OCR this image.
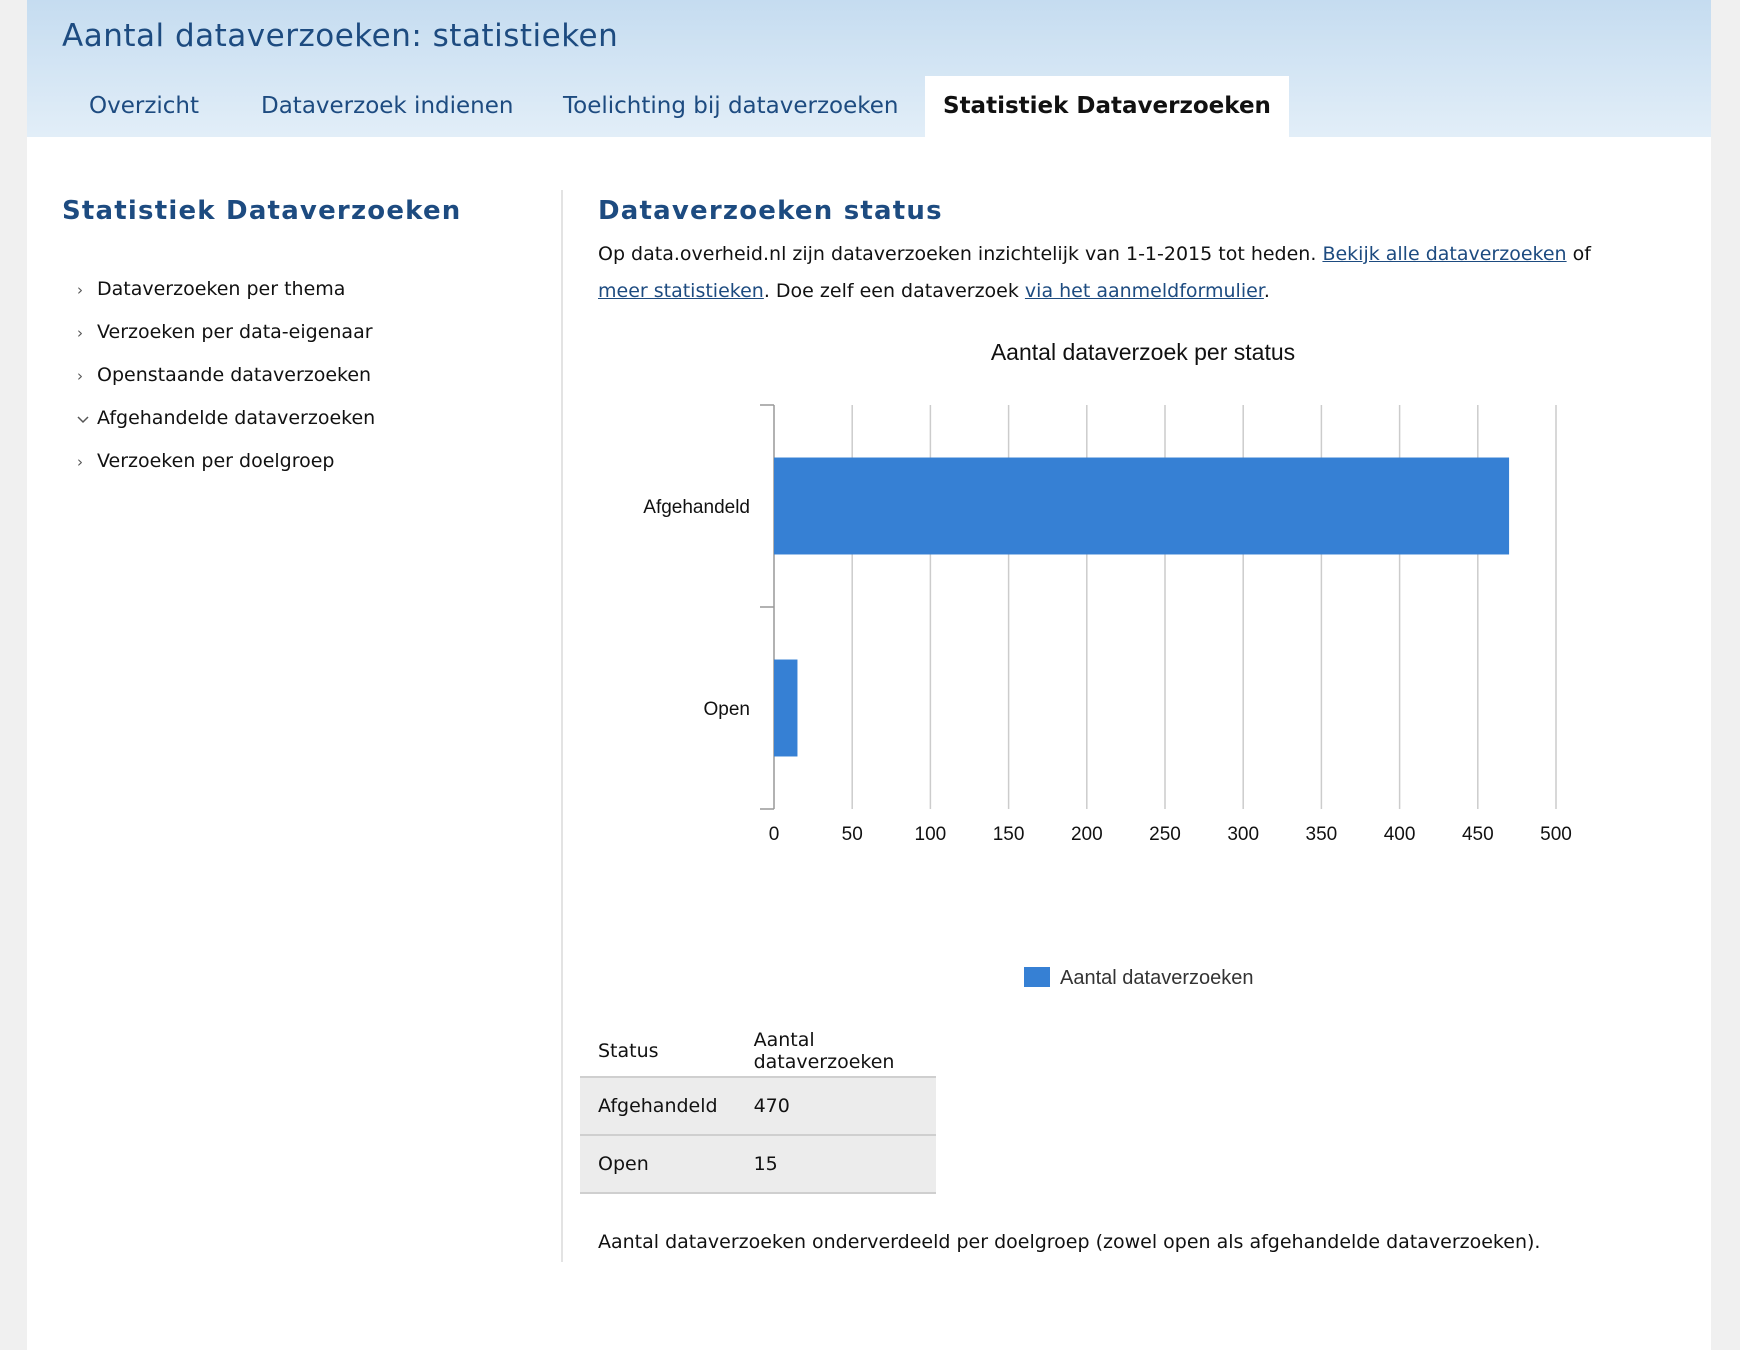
Aantal dataverzoeken: statistieken
Overzicht	Dataverzoek indienen Toelichting bij dataverzoeken	Statistiek Dataverzoeken
Statistiek Dataverzoeken
› Dataverzoeken per thema
› Verzoeken per data-eigenaar
› Openstaande dataverzoeken
Afgehandelde dataverzoeken
› Verzoeken per doelgroep
Dataverzoeken status
Op data.overheid.nl zijn dataverzoeken inzichtelijk van 1-1-2015 tot heden. Bekijk alle dataverzoeken of meer statistieken. Doe zelf een dataverzoek via het aanmeldformulier.
Aantal dataverzoek per status
0	50	100 150 200 250 300 350 400 450 500
Afgehandeld
Open
Aantal dataverzoeken
Status	Aantal dataverzoeken
Afgehandeld	470
Open	15
Aantal dataverzoeken onderverdeeld per doelgroep (zowel open als afgehandelde dataverzoeken).
